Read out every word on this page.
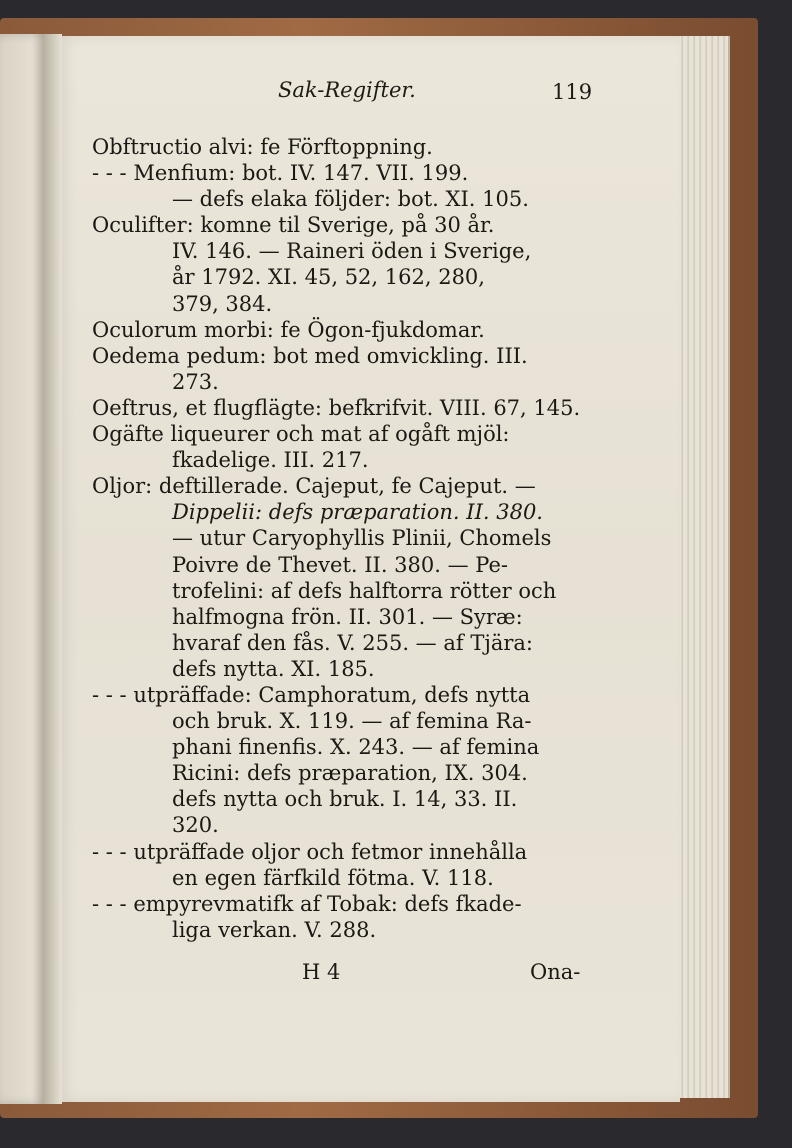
Sak-Regifter.	119
Obftructio alvi: fe Förftoppning.
- - - Menfium: bot. IV. 147. VII. 199.
— defs elaka följder: bot. XI. 105.
Oculifter: komne til Sverige, på 30 år.
IV. 146. — Raineri öden i Sverige,
år 1792. XI. 45, 52, 162, 280,
379, 384.
Oculorum morbi: fe Ögon-fjukdomar.
Oedema pedum: bot med omvickling. III.
273.
Oeftrus, et flugflägte: befkrifvit. VIII. 67, 145.
Ogäfte liqueurer och mat af ogåft mjöl:
fkadelige. III. 217.
Oljor: deftillerade. Cajeput, fe Cajeput. —
Dippelii: defs præparation. II. 380.
— utur Caryophyllis Plinii, Chomels
Poivre de Thevet. II. 380. — Pe-
trofelini: af defs halftorra rötter och
halfmogna frön. II. 301. — Syræ:
hvaraf den fås. V. 255. — af Tjära:
defs nytta. XI. 185.
- - - utpräffade: Camphoratum, defs nytta
och bruk. X. 119. — af femina Ra-
phani finenfis. X. 243. — af femina
Ricini: defs præparation, IX. 304.
defs nytta och bruk. I. 14, 33. II.
320.
- - - utpräffade oljor och fetmor innehålla
en egen färfkild fötma. V. 118.
- - - empyrevmatifk af Tobak: defs fkade-
liga verkan. V. 288.
H 4	Ona-
